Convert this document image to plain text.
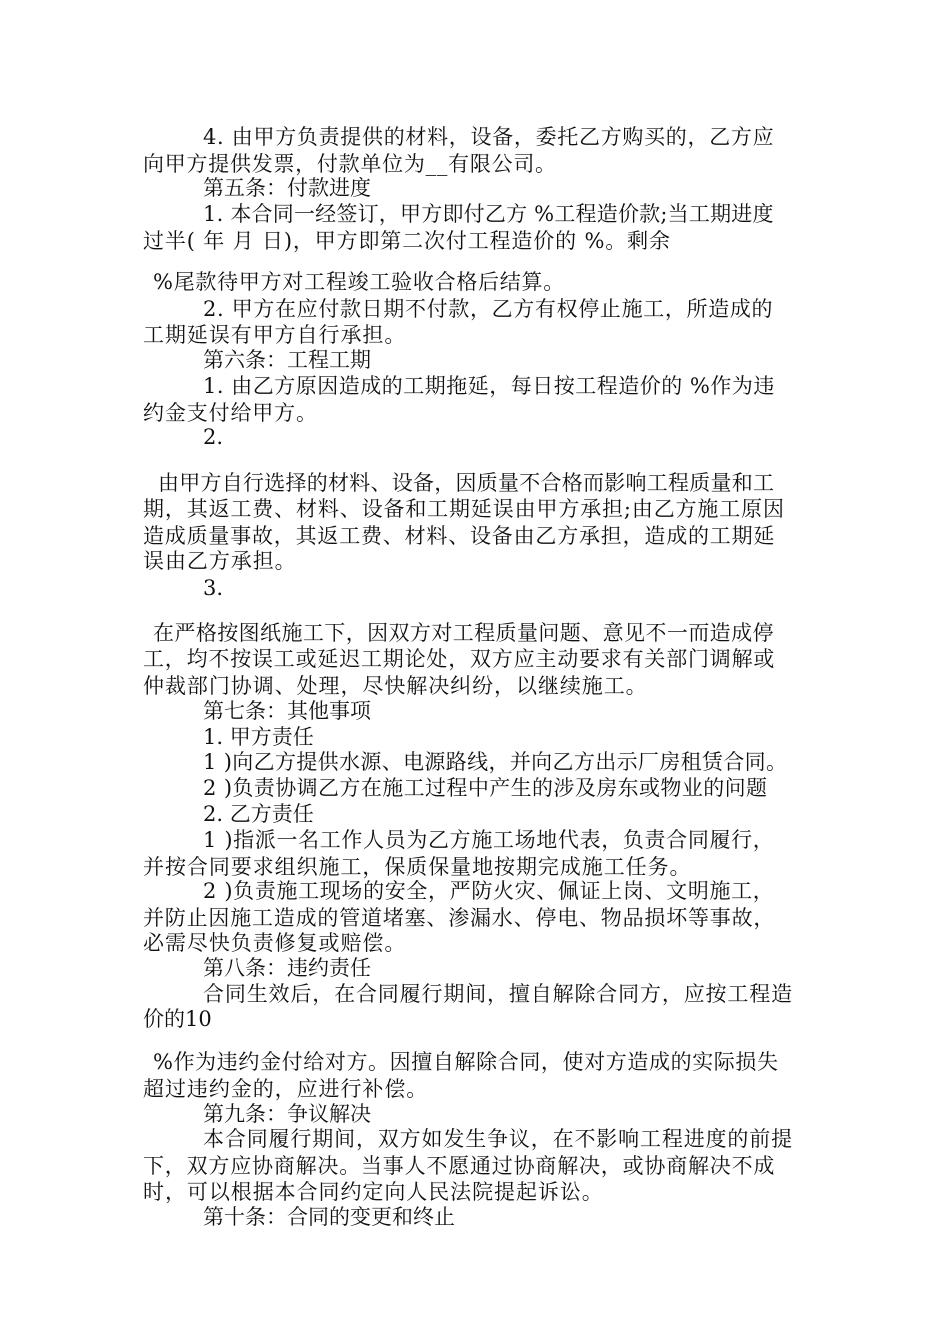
4. 由甲方负责提供的材料，设备，委托乙方购买的，乙方应
向甲方提供发票，付款单位为__有限公司。
第五条：付款进度
1. 本合同一经签订，甲方即付乙方 %工程造价款;当工期进度
过半( 年 月 日)，甲方即第二次付工程造价的 %。剩余
%尾款待甲方对工程竣工验收合格后结算。
2. 甲方在应付款日期不付款，乙方有权停止施工，所造成的
工期延误有甲方自行承担。
第六条：工程工期
1. 由乙方原因造成的工期拖延，每日按工程造价的 %作为违
约金支付给甲方。
2.
由甲方自行选择的材料、设备，因质量不合格而影响工程质量和工
期，其返工费、材料、设备和工期延误由甲方承担;由乙方施工原因
造成质量事故，其返工费、材料、设备由乙方承担，造成的工期延
误由乙方承担。
3.
在严格按图纸施工下，因双方对工程质量问题、意见不一而造成停
工，均不按误工或延迟工期论处，双方应主动要求有关部门调解或
仲裁部门协调、处理，尽快解决纠纷，以继续施工。
第七条：其他事项
1. 甲方责任
1 )向乙方提供水源、电源路线，并向乙方出示厂房租赁合同。
2 )负责协调乙方在施工过程中产生的涉及房东或物业的问题
2. 乙方责任
1 )指派一名工作人员为乙方施工场地代表，负责合同履行，
并按合同要求组织施工，保质保量地按期完成施工任务。
2 )负责施工现场的安全，严防火灾、佩证上岗、文明施工，
并防止因施工造成的管道堵塞、渗漏水、停电、物品损坏等事故，
必需尽快负责修复或赔偿。
第八条：违约责任
合同生效后，在合同履行期间，擅自解除合同方，应按工程造
价的10
%作为违约金付给对方。因擅自解除合同，使对方造成的实际损失
超过违约金的，应进行补偿。
第九条：争议解决
本合同履行期间，双方如发生争议，在不影响工程进度的前提
下，双方应协商解决。当事人不愿通过协商解决，或协商解决不成
时，可以根据本合同约定向人民法院提起诉讼。
第十条：合同的变更和终止
